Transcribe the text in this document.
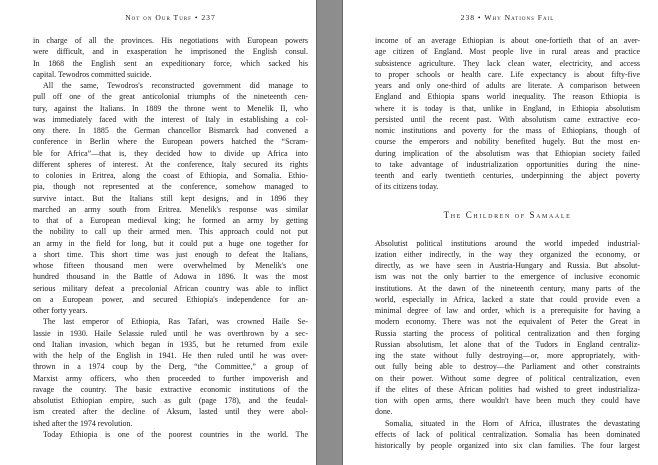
Not on Our Turf • 237
in charge of all the provinces. His negotiations with European powers
were difficult, and in exasperation he imprisoned the English consul.
In 1868 the English sent an expeditionary force, which sacked his
capital. Tewodros committed suicide.
All the same, Tewodros's reconstructed government did manage to
pull off one of the great anticolonial triumphs of the nineteenth cen-
tury, against the Italians. In 1889 the throne went to Menelik II, who
was immediately faced with the interest of Italy in establishing a col-
ony there. In 1885 the German chancellor Bismarck had convened a
conference in Berlin where the European powers hatched the “Scram-
ble for Africa”—that is, they decided how to divide up Africa into
different spheres of interest. At the conference, Italy secured its rights
to colonies in Eritrea, along the coast of Ethiopia, and Somalia. Ethio-
pia, though not represented at the conference, somehow managed to
survive intact. But the Italians still kept designs, and in 1896 they
marched an army south from Eritrea. Menelik's response was similar
to that of a European medieval king; he formed an army by getting
the nobility to call up their armed men. This approach could not put
an army in the field for long, but it could put a huge one together for
a short time. This short time was just enough to defeat the Italians,
whose fifteen thousand men were overwhelmed by Menelik's one
hundred thousand in the Battle of Adowa in 1896. It was the most
serious military defeat a precolonial African country was able to inflict
on a European power, and secured Ethiopia's independence for an-
other forty years.
The last emperor of Ethiopia, Ras Tafari, was crowned Haile Se-
lassie in 1930. Haile Selassie ruled until he was overthrown by a sec-
ond Italian invasion, which began in 1935, but he returned from exile
with the help of the English in 1941. He then ruled until he was over-
thrown in a 1974 coup by the Derg, “the Committee,” a group of
Marxist army officers, who then proceeded to further impoverish and
ravage the country. The basic extractive economic institutions of the
absolutist Ethiopian empire, such as gult (page 178), and the feudal-
ism created after the decline of Aksum, lasted until they were abol-
ished after the 1974 revolution.
Today Ethiopia is one of the poorest countries in the world. The
238 • Why Nations Fail
income of an average Ethiopian is about one-fortieth that of an aver-
age citizen of England. Most people live in rural areas and practice
subsistence agriculture. They lack clean water, electricity, and access
to proper schools or health care. Life expectancy is about fifty-five
years and only one-third of adults are literate. A comparison between
England and Ethiopia spans world inequality. The reason Ethiopia is
where it is today is that, unlike in England, in Ethiopia absolutism
persisted until the recent past. With absolutism came extractive eco-
nomic institutions and poverty for the mass of Ethiopians, though of
course the emperors and nobility benefited hugely. But the most en-
during implication of the absolutism was that Ethiopian society failed
to take advantage of industrialization opportunities during the nine-
teenth and early twentieth centuries, underpinning the abject poverty
of its citizens today.
The Children of Samaale
Absolutist political institutions around the world impeded industrial-
ization either indirectly, in the way they organized the economy, or
directly, as we have seen in Austria-Hungary and Russia. But absolut-
ism was not the only barrier to the emergence of inclusive economic
institutions. At the dawn of the nineteenth century, many parts of the
world, especially in Africa, lacked a state that could provide even a
minimal degree of law and order, which is a prerequisite for having a
modern economy. There was not the equivalent of Peter the Great in
Russia starting the process of political centralization and then forging
Russian absolutism, let alone that of the Tudors in England centraliz-
ing the state without fully destroying—or, more appropriately, with-
out fully being able to destroy—the Parliament and other constraints
on their power. Without some degree of political centralization, even
if the elites of these African polities had wished to greet industrializa-
tion with open arms, there wouldn't have been much they could have
done.
Somalia, situated in the Horn of Africa, illustrates the devastating
effects of lack of political centralization. Somalia has been dominated
historically by people organized into six clan families. The four largest
